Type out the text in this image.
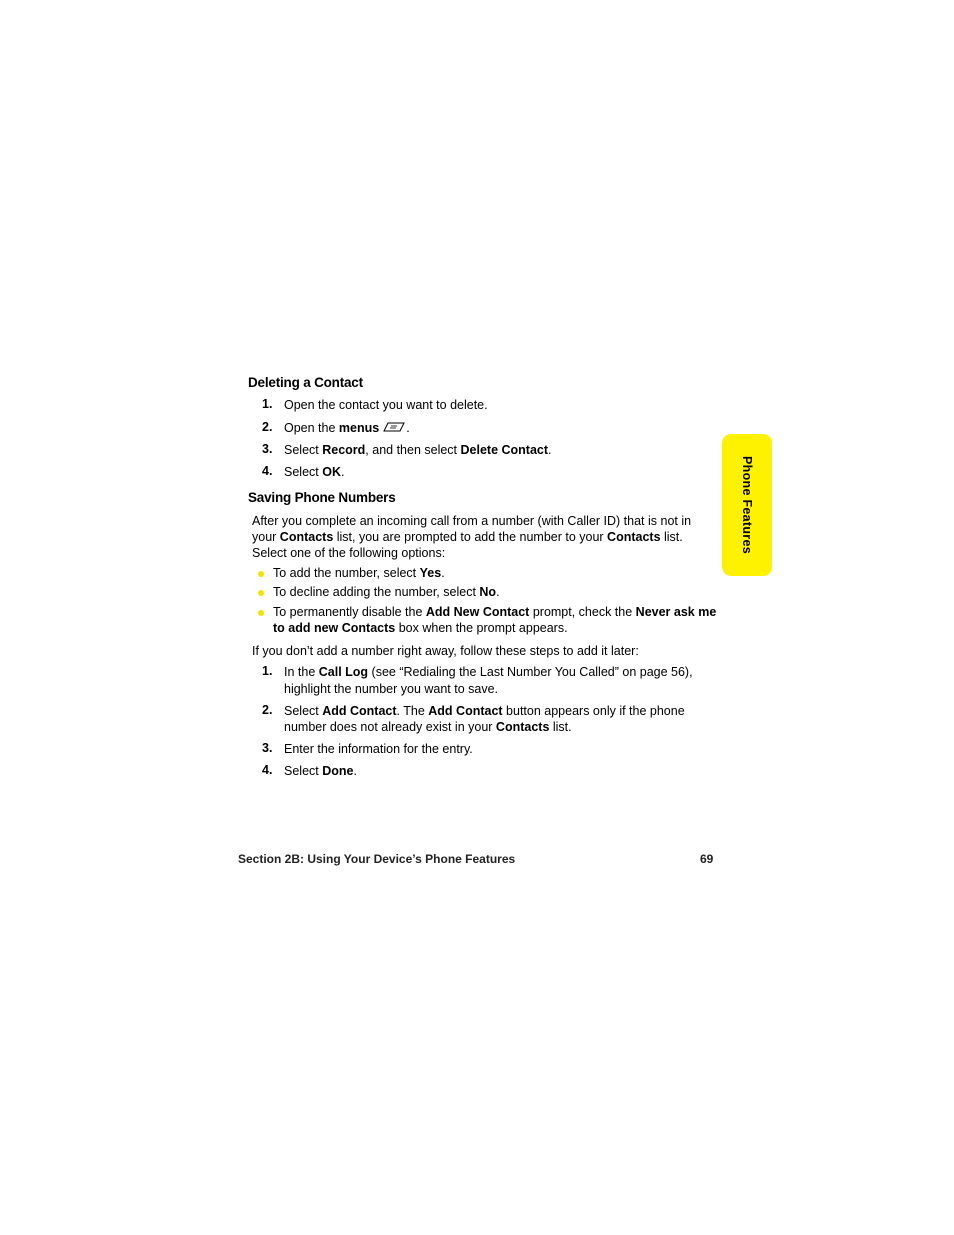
Deleting a Contact
1. Open the contact you want to delete.
2. Open the menus .
3. Select Record, and then select Delete Contact.
4. Select OK.
Saving Phone Numbers
After you complete an incoming call from a number (with Caller ID) that is not in
your Contacts list, you are prompted to add the number to your Contacts list.
Select one of the following options:
To add the number, select Yes.
To decline adding the number, select No.
To permanently disable the Add New Contact prompt, check the Never ask me
to add new Contacts box when the prompt appears.
If you don’t add a number right away, follow these steps to add it later:
1. In the Call Log (see “Redialing the Last Number You Called” on page 56),
highlight the number you want to save.
2. Select Add Contact. The Add Contact button appears only if the phone
number does not already exist in your Contacts list.
3. Enter the information for the entry.
4. Select Done.
Phone Features
Section 2B: Using Your Device’s Phone Features	69
